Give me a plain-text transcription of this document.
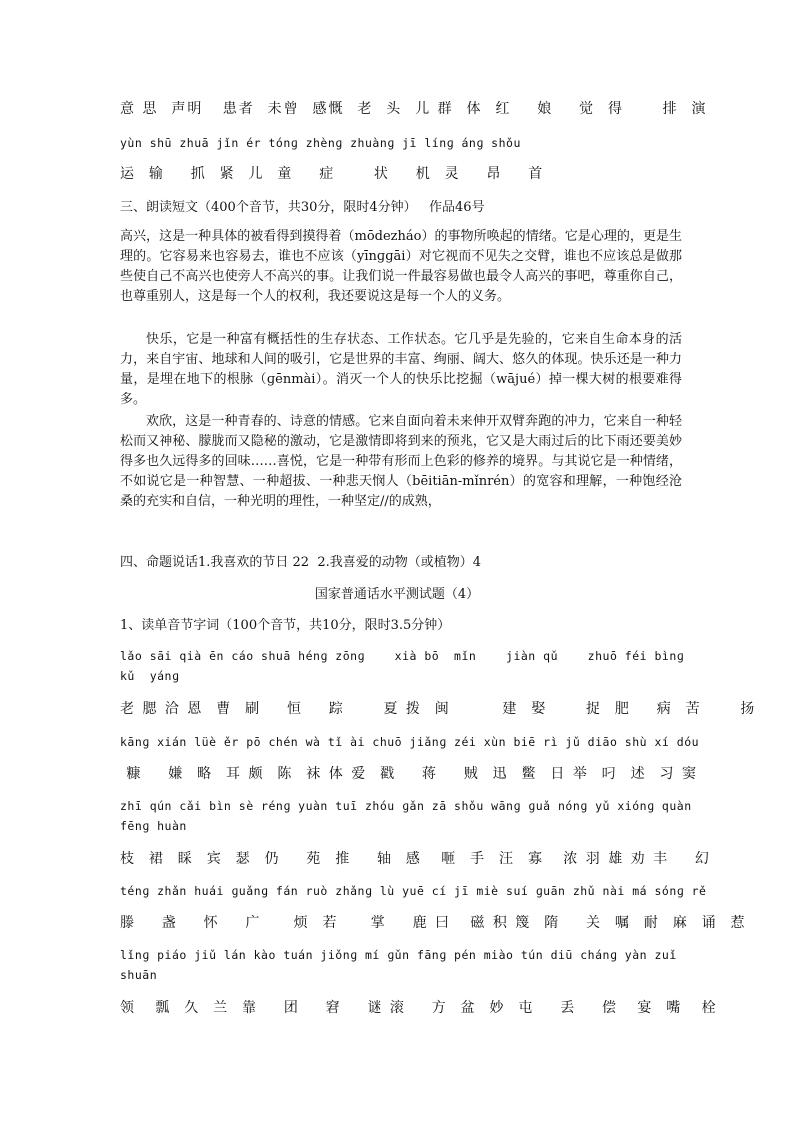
意 思  声明   患者  未曾  感慨  老  头  儿 群  体  红    娘    觉  得      排  演
yùn shū zhuā jǐn ér tónɡ zhènɡ zhuànɡ jī línɡ ánɡ shǒu
运  输    抓  紧  儿  童    症      状    机  灵    昂    首
三、朗读短文（400个音节，共30分，限时4分钟）   作品46号
高兴，这是一种具体的被看得到摸得着（mōdezháo）的事物所唤起的情绪。它是心理的，更是生理的。它容易来也容易去，谁也不应该（yīnɡɡāi）对它视而不见失之交臂，谁也不应该总是做那些使自己不高兴也使旁人不高兴的事。让我们说一件最容易做也最令人高兴的事吧，尊重你自己，也尊重别人，这是每一个人的权利，我还要说这是每一个人的义务。
快乐，它是一种富有概括性的生存状态、工作状态。它几乎是先验的，它来自生命本身的活力，来自宇宙、地球和人间的吸引，它是世界的丰富、绚丽、阔大、悠久的体现。快乐还是一种力量，是埋在地下的根脉（ɡēnmài）。消灭一个人的快乐比挖掘（wājué）掉一棵大树的根要难得多。
欢欣，这是一种青春的、诗意的情感。它来自面向着未来伸开双臂奔跑的冲力，它来自一种轻松而又神秘、朦胧而又隐秘的激动，它是激情即将到来的预兆，它又是大雨过后的比下雨还要美妙得多也久远得多的回味……喜悦，它是一种带有形而上色彩的修养的境界。与其说它是一种情绪，不如说它是一种智慧、一种超拔、一种悲天悯人（bēitiān-mǐnrén）的宽容和理解，一种饱经沧桑的充实和自信，一种光明的理性，一种坚定//的成熟，
四、命题说话1.我喜欢的节日 22  2.我喜爱的动物（或植物）4
国家普通话水平测试题（4）
1、读单音节字词（100个音节，共10分，限时3.5分钟）
lǎo sāi qià ēn cáo shuā hénɡ zōnɡ    xià bō  mǐn    jiàn qǔ    zhuō féi bìnɡ
kǔ  yánɡ
老 腮 洽 恩  曹  刷    恒    踪      夏 拨  闽        建  娶      捉  肥    病  苦      扬
kānɡ xián lüè ěr pō chén wà tǐ ài chuō jiǎnɡ zéi xùn biē rì jǔ diāo shù xí dóu
糠    嫌  略  耳 颇  陈  袜 体 爱  戳    蒋    贼  迅  鳖  日 举  叼  述  习 窦
zhī qún cǎi bìn sè rénɡ yuàn tuī zhóu ɡǎn zā shǒu wānɡ ɡuǎ nónɡ yǔ xiónɡ quàn
fēnɡ huàn
枝  裙  睬  宾  瑟  仍    苑  推    轴  感   咂  手  汪  寡   浓 羽 雄 劝 丰    幻
ténɡ zhǎn huái ɡuǎnɡ fán ruò zhǎnɡ lù yuē cí jī miè suí ɡuān zhǔ nài má sónɡ rě
滕    盏    怀    广     烦  若     掌    鹿 曰   磁 积 篾  隋    关  嘱  耐  麻  诵  惹
lǐnɡ piáo jiǔ lán kào tuán jiǒnɡ mí ɡǔn fānɡ pén miào tún diū chánɡ yàn zuǐ
shuān
领   瓢  久  兰  靠    团    窘    谜 滚    方  盆  妙  屯    丢    偿   宴  嘴   栓
